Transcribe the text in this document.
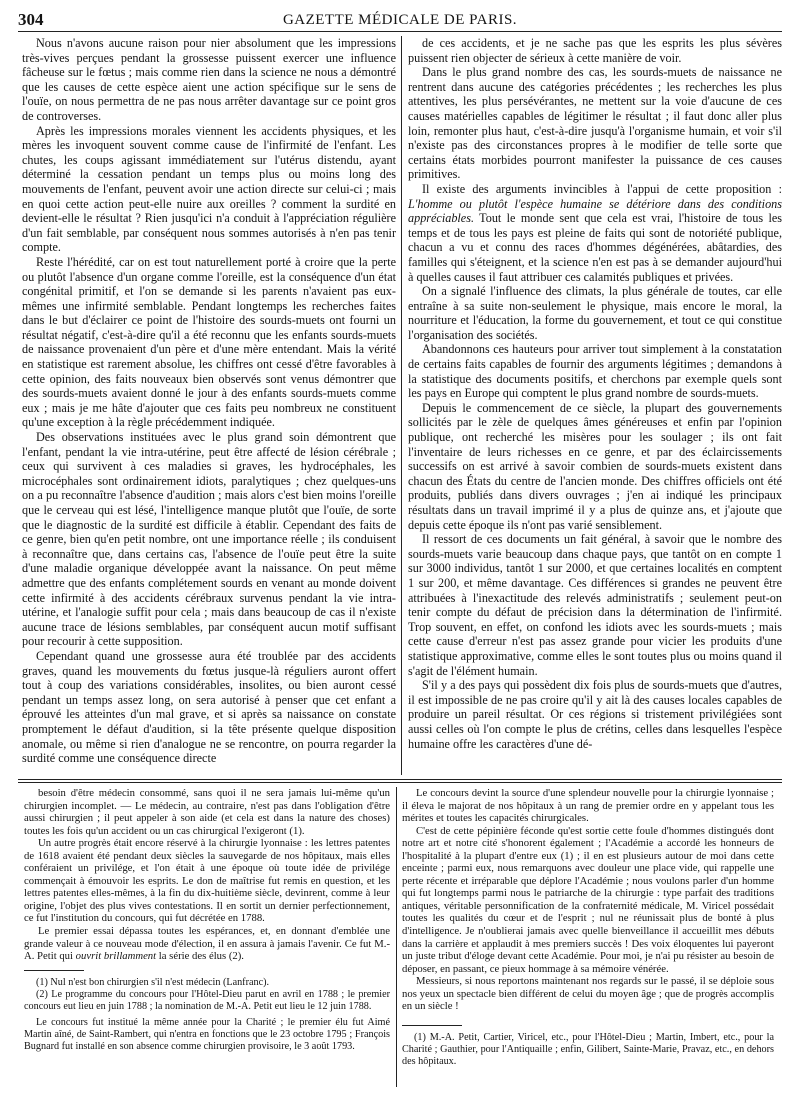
304	GAZETTE MÉDICALE DE PARIS.

Nous n'avons aucune raison pour nier absolument que les impressions très-vives perçues pendant la grossesse puissent exercer une influence fâcheuse sur le fœtus ; mais comme rien dans la science ne nous a démontré que les causes de cette espèce aient une action spécifique sur le sens de l'ouïe, on nous permettra de ne pas nous arrêter davantage sur ce point gros de controverses.

Après les impressions morales viennent les accidents physiques, et les mères les invoquent souvent comme cause de l'infirmité de l'enfant. Les chutes, les coups agissant immédiatement sur l'utérus distendu, ayant déterminé la cessation pendant un temps plus ou moins long des mouvements de l'enfant, peuvent avoir une action directe sur celui-ci ; mais en quoi cette action peut-elle nuire aux oreilles ? comment la surdité en devient-elle le résultat ? Rien jusqu'ici n'a conduit à l'appréciation régulière d'un fait semblable, par conséquent nous sommes autorisés à n'en pas tenir compte.

Reste l'hérédité, car on est tout naturellement porté à croire que la perte ou plutôt l'absence d'un organe comme l'oreille, est la conséquence d'un état congénital primitif, et l'on se demande si les parents n'avaient pas eux-mêmes une infirmité semblable. Pendant longtemps les recherches faites dans le but d'éclairer ce point de l'histoire des sourds-muets ont fourni un résultat négatif, c'est-à-dire qu'il a été reconnu que les enfants sourds-muets de naissance provenaient d'un père et d'une mère entendant. Mais la vérité en statistique est rarement absolue, les chiffres ont cessé d'être favorables à cette opinion, des faits nouveaux bien observés sont venus démontrer que des sourds-muets avaient donné le jour à des enfants sourds-muets comme eux ; mais je me hâte d'ajouter que ces faits peu nombreux ne constituent qu'une exception à la règle précédemment indiquée.

Des observations instituées avec le plus grand soin démontrent que l'enfant, pendant la vie intra-utérine, peut être affecté de lésion cérébrale ; ceux qui survivent à ces maladies si graves, les hydrocéphales, les microcéphales sont ordinairement idiots, paralytiques ; chez quelques-uns on a pu reconnaître l'absence d'audition ; mais alors c'est bien moins l'oreille que le cerveau qui est lésé, l'intelligence manque plutôt que l'ouïe, de sorte que le diagnostic de la surdité est difficile à établir. Cependant des faits de ce genre, bien qu'en petit nombre, ont une importance réelle ; ils conduisent à reconnaître que, dans certains cas, l'absence de l'ouïe peut être la suite d'une maladie organique développée avant la naissance. On peut même admettre que des enfants complétement sourds en venant au monde doivent cette infirmité à des accidents cérébraux survenus pendant la vie intra-utérine, et l'analogie suffit pour cela ; mais dans beaucoup de cas il n'existe aucune trace de lésions semblables, par conséquent aucun motif suffisant pour recourir à cette supposition.

Cependant quand une grossesse aura été troublée par des accidents graves, quand les mouvements du fœtus jusque-là réguliers auront offert tout à coup des variations considérables, insolites, ou bien auront cessé pendant un temps assez long, on sera autorisé à penser que cet enfant a éprouvé les atteintes d'un mal grave, et si après sa naissance on constate promptement le défaut d'audition, si la tête présente quelque disposition anomale, ou même si rien d'analogue ne se rencontre, on pourra regarder la surdité comme une conséquence directe

de ces accidents, et je ne sache pas que les esprits les plus sévères puissent rien objecter de sérieux à cette manière de voir.

Dans le plus grand nombre des cas, les sourds-muets de naissance ne rentrent dans aucune des catégories précédentes ; les recherches les plus attentives, les plus persévérantes, ne mettent sur la voie d'aucune de ces causes matérielles capables de légitimer le résultat ; il faut donc aller plus loin, remonter plus haut, c'est-à-dire jusqu'à l'organisme humain, et voir s'il n'existe pas des circonstances propres à le modifier de telle sorte que certains états morbides pourront manifester la puissance de ces causes primitives.

Il existe des arguments invincibles à l'appui de cette proposition : L'homme ou plutôt l'espèce humaine se détériore dans des conditions appréciables. Tout le monde sent que cela est vrai, l'histoire de tous les temps et de tous les pays est pleine de faits qui sont de notoriété publique, chacun a vu et connu des races d'hommes dégénérées, abâtardies, des familles qui s'éteignent, et la science n'en est pas à se demander aujourd'hui à quelles causes il faut attribuer ces calamités publiques et privées.

On a signalé l'influence des climats, la plus générale de toutes, car elle entraîne à sa suite non-seulement le physique, mais encore le moral, la nourriture et l'éducation, la forme du gouvernement, et tout ce qui constitue l'organisation des sociétés.

Abandonnons ces hauteurs pour arriver tout simplement à la constatation de certains faits capables de fournir des arguments légitimes ; demandons à la statistique des documents positifs, et cherchons par exemple quels sont les pays en Europe qui comptent le plus grand nombre de sourds-muets.

Depuis le commencement de ce siècle, la plupart des gouvernements sollicités par le zèle de quelques âmes généreuses et enfin par l'opinion publique, ont recherché les misères pour les soulager ; ils ont fait l'inventaire de leurs richesses en ce genre, et par des éclaircissements successifs on est arrivé à savoir combien de sourds-muets existent dans chacun des États du centre de l'ancien monde. Des chiffres officiels ont été produits, publiés dans divers ouvrages ; j'en ai indiqué les principaux résultats dans un travail imprimé il y a plus de quinze ans, et j'ajoute que depuis cette époque ils n'ont pas varié sensiblement.

Il ressort de ces documents un fait général, à savoir que le nombre des sourds-muets varie beaucoup dans chaque pays, que tantôt on en compte 1 sur 3000 individus, tantôt 1 sur 2000, et que certaines localités en comptent 1 sur 200, et même davantage. Ces différences si grandes ne peuvent être attribuées à l'inexactitude des relevés administratifs ; seulement peut-on tenir compte du défaut de précision dans la détermination de l'infirmité. Trop souvent, en effet, on confond les idiots avec les sourds-muets ; mais cette cause d'erreur n'est pas assez grande pour vicier les produits d'une statistique approximative, comme elles le sont toutes plus ou moins quand il s'agit de l'élément humain.

S'il y a des pays qui possèdent dix fois plus de sourds-muets que d'autres, il est impossible de ne pas croire qu'il y ait là des causes locales capables de produire un pareil résultat. Or ces régions si tristement privilégiées sont aussi celles où l'on compte le plus de crétins, celles dans lesquelles l'espèce humaine offre les caractères d'une dé-

besoin d'être médecin consommé, sans quoi il ne sera jamais lui-même qu'un chirurgien incomplet. — Le médecin, au contraire, n'est pas dans l'obligation d'être aussi chirurgien ; il peut appeler à son aide (et cela est dans la nature des choses) toutes les fois qu'un accident ou un cas chirurgical l'exigeront (1).

Un autre progrès était encore réservé à la chirurgie lyonnaise : les lettres patentes de 1618 avaient été pendant deux siècles la sauvegarde de nos hôpitaux, mais elles conféraient un privilége, et l'on était à une époque où toute idée de privilége commençait à émouvoir les esprits. Le don de maîtrise fut remis en question, et les lettres patentes elles-mêmes, à la fin du dix-huitième siècle, devinrent, comme à leur origine, l'objet des plus vives contestations. Il en sortit un dernier perfectionnement, ce fut l'institution du concours, qui fut décrétée en 1788.

Le premier essai dépassa toutes les espérances, et, en donnant d'emblée une grande valeur à ce nouveau mode d'élection, il en assura à jamais l'avenir. Ce fut M.-A. Petit qui ouvrit brillamment la série des élus (2).

(1) Nul n'est bon chirurgien s'il n'est médecin (Lanfranc).

(2) Le programme du concours pour l'Hôtel-Dieu parut en avril en 1788 ; le premier concours eut lieu en juin 1788 ; la nomination de M.-A. Petit eut lieu le 12 juin 1788.

Le concours fut institué la même année pour la Charité ; le premier élu fut Aimé Martin aîné, de Saint-Rambert, qui n'entra en fonctions que le 23 octobre 1795 ; François Bugnard fut installé en son absence comme chirurgien provisoire, le 3 août 1793.

Le concours devint la source d'une splendeur nouvelle pour la chirurgie lyonnaise ; il éleva le majorat de nos hôpitaux à un rang de premier ordre en y appelant tous les mérites et toutes les capacités chirurgicales.

C'est de cette pépinière féconde qu'est sortie cette foule d'hommes distingués dont notre art et notre cité s'honorent également ; l'Académie a accordé les honneurs de l'hospitalité à la plupart d'entre eux (1) ; il en est plusieurs autour de moi dans cette enceinte ; parmi eux, nous remarquons avec douleur une place vide, qui rappelle une perte récente et irréparable que déplore l'Académie ; nous voulons parler d'un homme qui fut longtemps parmi nous le patriarche de la chirurgie : type parfait des traditions antiques, véritable personnification de la confraternité médicale, M. Viricel possédait toutes les qualités du cœur et de l'esprit ; nul ne réunissait plus de bonté à plus d'intelligence. Je n'oublierai jamais avec quelle bienveillance il accueillit mes débuts dans la carrière et applaudit à mes premiers succès ! Des voix éloquentes lui payeront un juste tribut d'éloge devant cette Académie. Pour moi, je n'ai pu résister au besoin de déposer, en passant, ce pieux hommage à sa mémoire vénérée.

Messieurs, si nous reportons maintenant nos regards sur le passé, il se déploie sous nos yeux un spectacle bien différent de celui du moyen âge ; que de progrès accomplis en un siècle !

(1) M.-A. Petit, Cartier, Viricel, etc., pour l'Hôtel-Dieu ; Martin, Imbert, etc., pour la Charité ; Gauthier, pour l'Antiquaille ; enfin, Gilibert, Sainte-Marie, Pravaz, etc., en dehors des hôpitaux.
